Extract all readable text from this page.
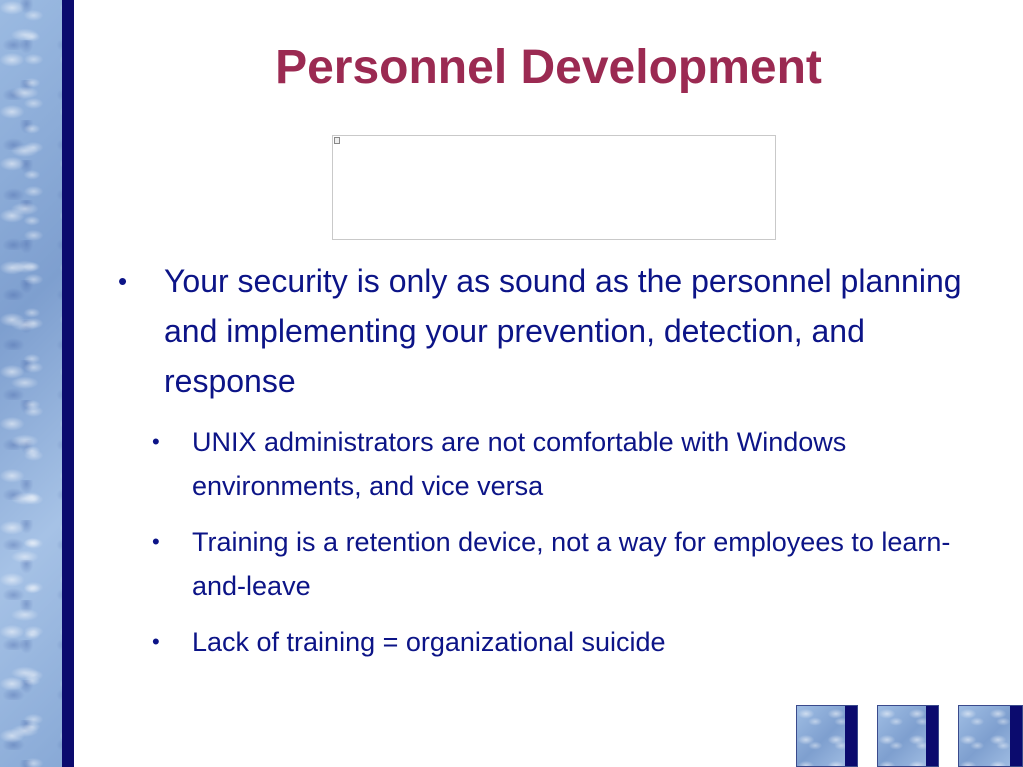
Personnel Development
• Your security is only as sound as the personnel planning and implementing your prevention, detection, and response
• UNIX administrators are not comfortable with Windows environments, and vice versa
• Training is a retention device, not a way for employees to learn-and-leave
• Lack of training = organizational suicide
